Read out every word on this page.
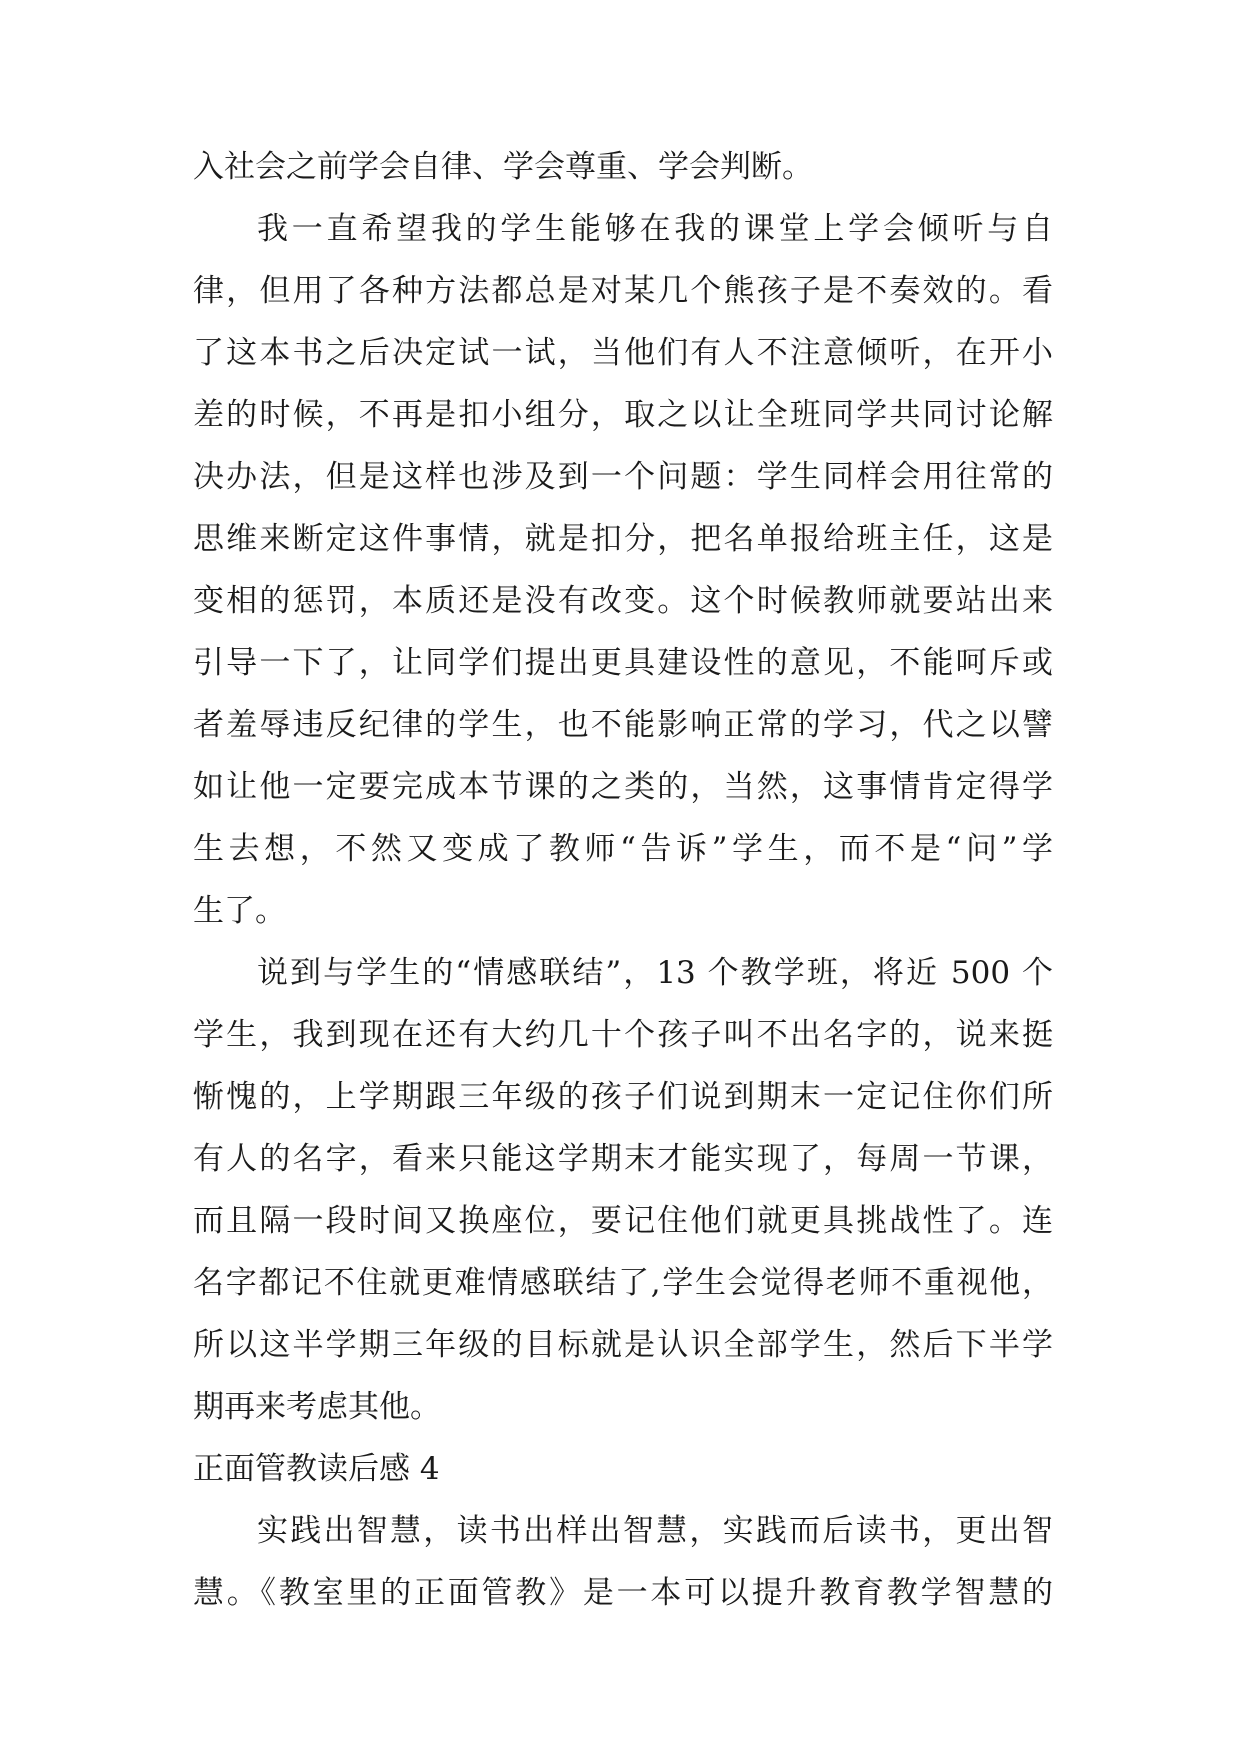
入社会之前学会自律、学会尊重、学会判断。
我一直希望我的学生能够在我的课堂上学会倾听与自
律，但用了各种方法都总是对某几个熊孩子是不奏效的。看
了这本书之后决定试一试，当他们有人不注意倾听，在开小
差的时候，不再是扣小组分，取之以让全班同学共同讨论解
决办法，但是这样也涉及到一个问题：学生同样会用往常的
思维来断定这件事情，就是扣分，把名单报给班主任，这是
变相的惩罚，本质还是没有改变。这个时候教师就要站出来
引导一下了，让同学们提出更具建设性的意见，不能呵斥或
者羞辱违反纪律的学生，也不能影响正常的学习，代之以譬
如让他一定要完成本节课的之类的，当然，这事情肯定得学
生去想，不然又变成了教师“告诉”学生，而不是“问”学
生了。
说到与学生的“情感联结”，13 个教学班，将近 500 个
学生，我到现在还有大约几十个孩子叫不出名字的，说来挺
惭愧的，上学期跟三年级的孩子们说到期末一定记住你们所
有人的名字，看来只能这学期末才能实现了，每周一节课，
而且隔一段时间又换座位，要记住他们就更具挑战性了。连
名字都记不住就更难情感联结了,学生会觉得老师不重视他，
所以这半学期三年级的目标就是认识全部学生，然后下半学
期再来考虑其他。
正面管教读后感 4
实践出智慧，读书出样出智慧，实践而后读书，更出智
慧。《教室里的正面管教》是一本可以提升教育教学智慧的
